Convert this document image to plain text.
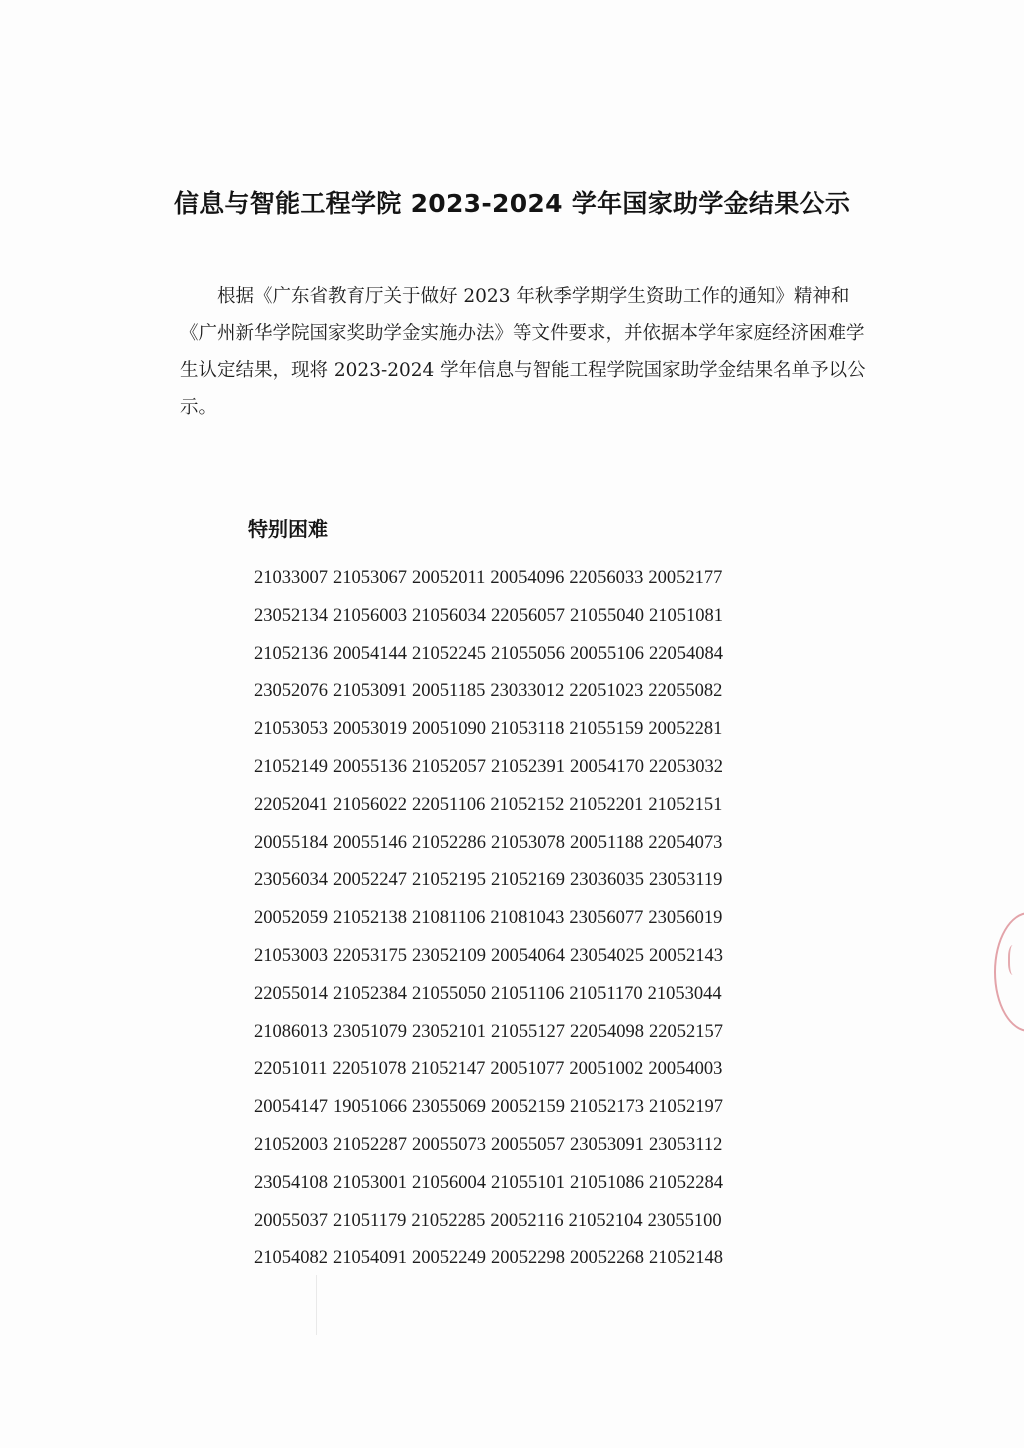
信息与智能工程学院 2023-2024 学年国家助学金结果公示

根据《广东省教育厅关于做好 2023 年秋季学期学生资助工作的通知》精神和《广州新华学院国家奖助学金实施办法》等文件要求，并依据本学年家庭经济困难学生认定结果，现将 2023-2024 学年信息与智能工程学院国家助学金结果名单予以公示。

特别困难
21033007 21053067 20052011 20054096 22056033 20052177
23052134 21056003 21056034 22056057 21055040 21051081
21052136 20054144 21052245 21055056 20055106 22054084
23052076 21053091 20051185 23033012 22051023 22055082
21053053 20053019 20051090 21053118 21055159 20052281
21052149 20055136 21052057 21052391 20054170 22053032
22052041 21056022 22051106 21052152 21052201 21052151
20055184 20055146 21052286 21053078 20051188 22054073
23056034 20052247 21052195 21052169 23036035 23053119
20052059 21052138 21081106 21081043 23056077 23056019
21053003 22053175 23052109 20054064 23054025 20052143
22055014 21052384 21055050 21051106 21051170 21053044
21086013 23051079 23052101 21055127 22054098 22052157
22051011 22051078 21052147 20051077 20051002 20054003
20054147 19051066 23055069 20052159 21052173 21052197
21052003 21052287 20055073 20055057 23053091 23053112
23054108 21053001 21056004 21055101 21051086 21052284
20055037 21051179 21052285 20052116 21052104 23055100
21054082 21054091 20052249 20052298 20052268 21052148
